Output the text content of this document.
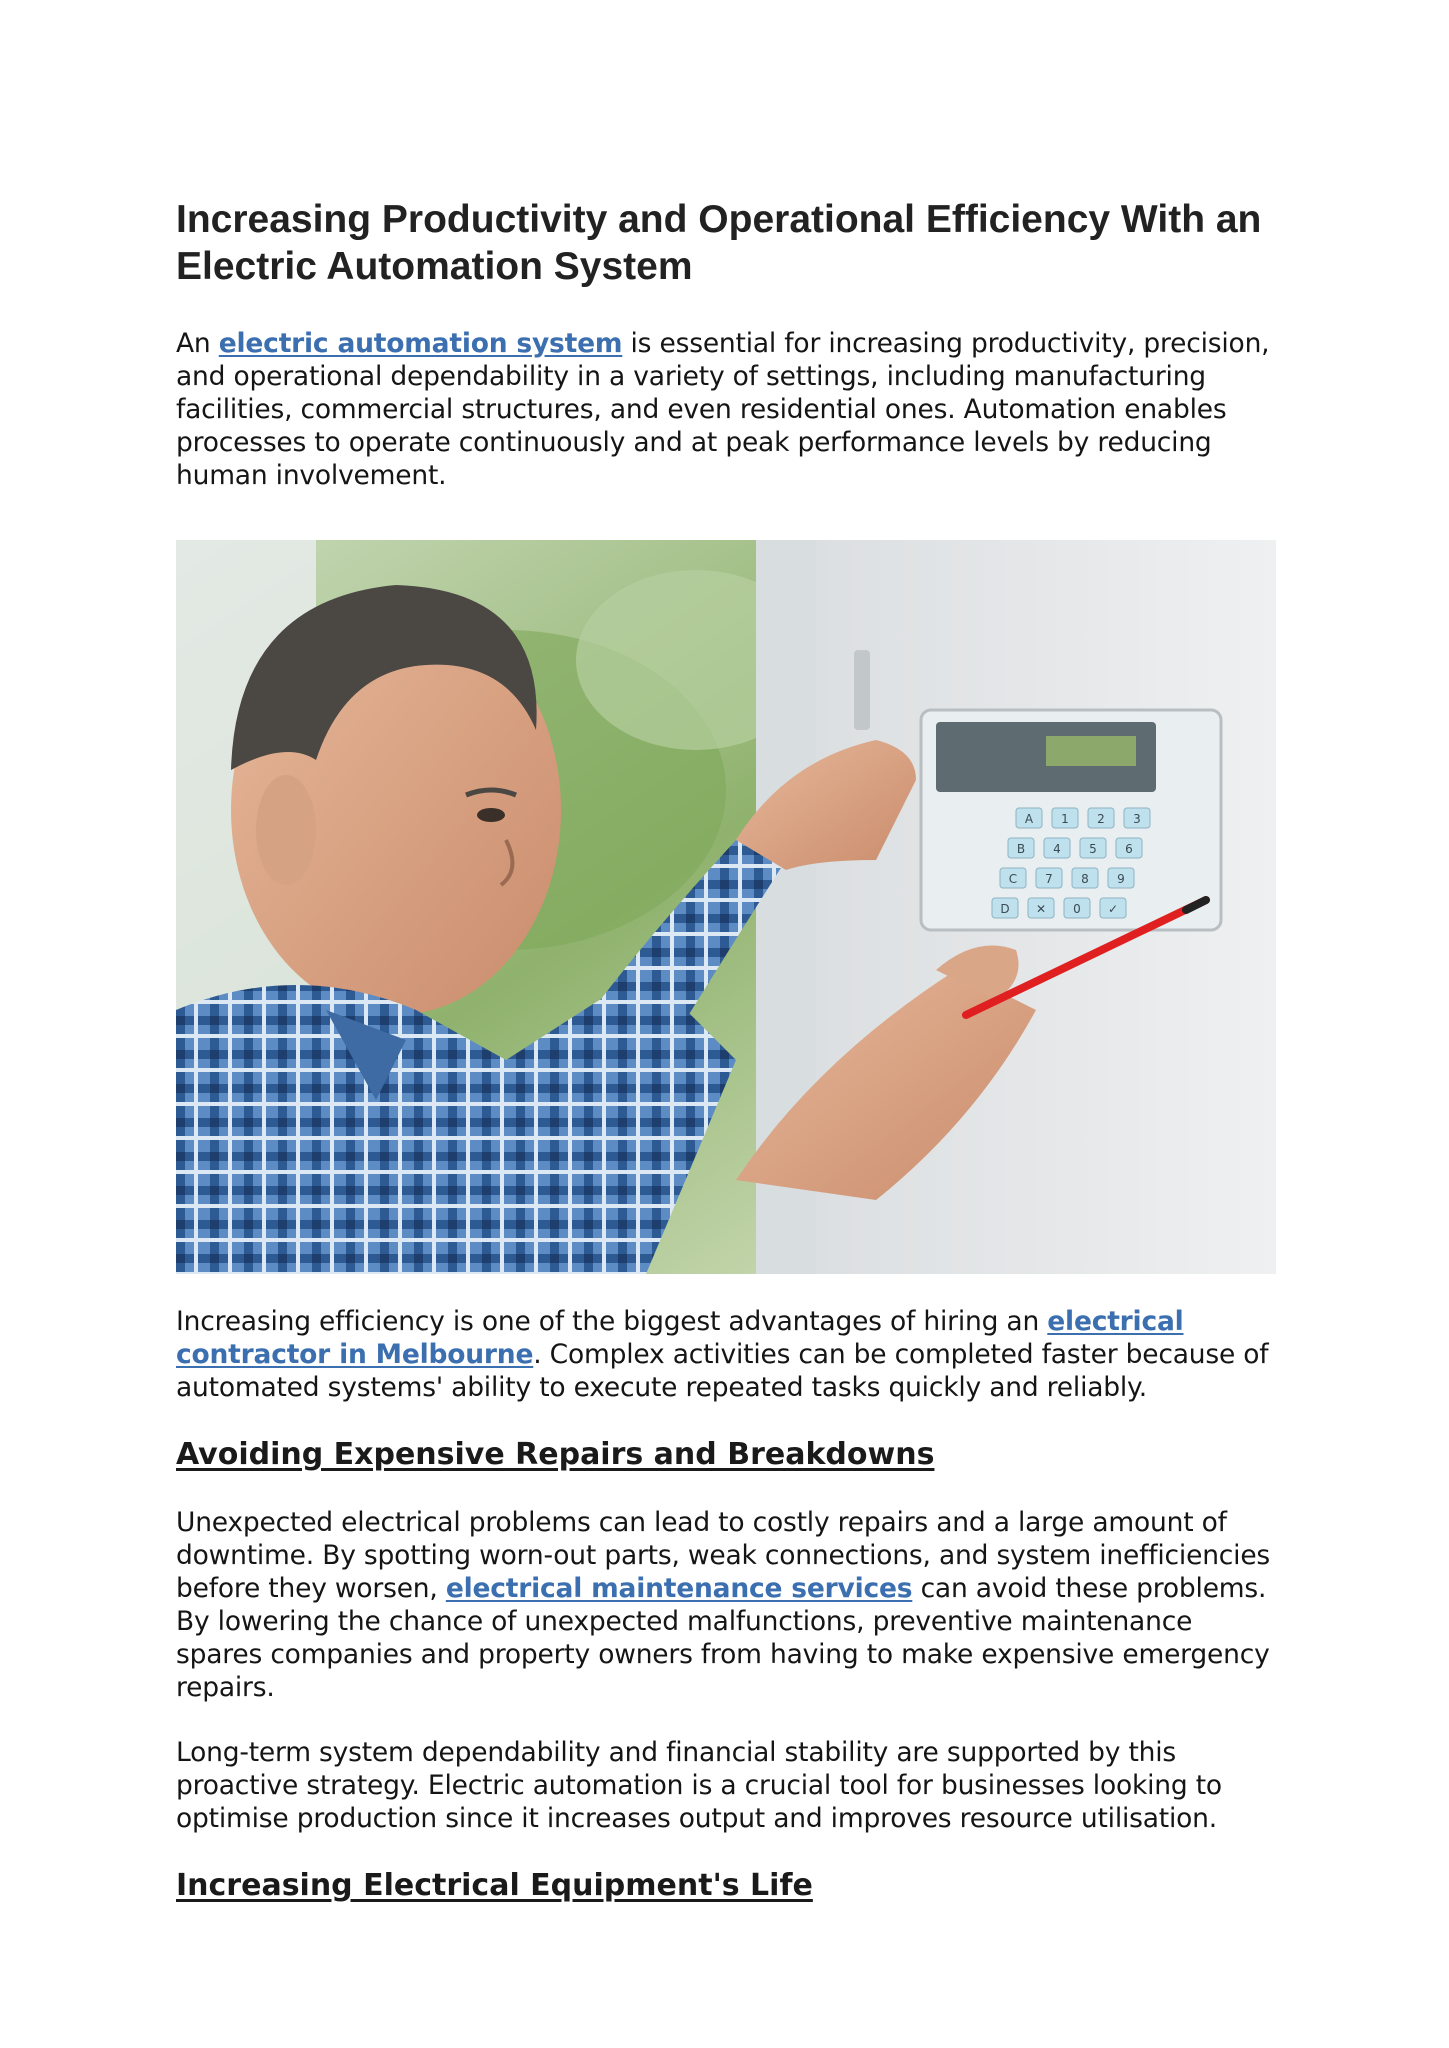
Increasing Productivity and Operational Efficiency With an Electric Automation System

An electric automation system is essential for increasing productivity, precision, and operational dependability in a variety of settings, including manufacturing facilities, commercial structures, and even residential ones. Automation enables processes to operate continuously and at peak performance levels by reducing human involvement.

A 1 2 3
B 4 5 6
C 7 8 9
D ✕ 0 ✓

Increasing efficiency is one of the biggest advantages of hiring an electrical contractor in Melbourne. Complex activities can be completed faster because of automated systems' ability to execute repeated tasks quickly and reliably.

Avoiding Expensive Repairs and Breakdowns

Unexpected electrical problems can lead to costly repairs and a large amount of downtime. By spotting worn-out parts, weak connections, and system inefficiencies before they worsen, electrical maintenance services can avoid these problems. By lowering the chance of unexpected malfunctions, preventive maintenance spares companies and property owners from having to make expensive emergency repairs.

Long-term system dependability and financial stability are supported by this proactive strategy. Electric automation is a crucial tool for businesses looking to optimise production since it increases output and improves resource utilisation.

Increasing Electrical Equipment's Life
